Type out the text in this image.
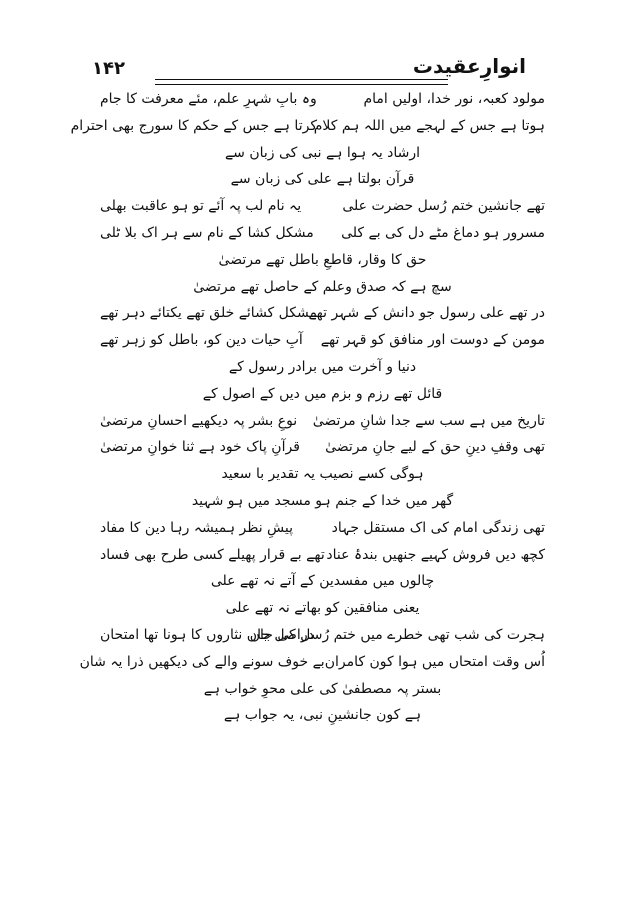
۱۴۲	انوارِعقیدت
مولود کعبہ، نور خدا، اولیں امام
وہ بابِ شہرِ علم، مئے معرفت کا جام
ہوتا ہے جس کے لہجے میں اللہ ہم کلام
کرتا ہے جس کے حکم کا سورج بھی احترام
ارشاد یہ ہوا ہے نبی کی زبان سے
قرآن بولتا ہے علی کی زبان سے
تھے جانشین ختم رُسل حضرت علی
یہ نام لب پہ آئے تو ہو عاقبت بھلی
مسرور ہو دماغ مٹے دل کی بے کلی
مشکل کشا کے نام سے ہر اک بلا ٹلی
حق کا وقار، قاطعِ باطل تھے مرتضیٰ
سچ ہے کہ صدق وعلم کے حاصل تھے مرتضیٰ
در تھے علی رسول جو دانش کے شہر تھے
مشکل کشائے خلق تھے یکتائے دہر تھے
مومن کے دوست اور منافق کو قہر تھے
آبِ حیات دین کو، باطل کو زہر تھے
دنیا و آخرت میں برادر رسول کے
قائل تھے رزم و بزم میں دیں کے اصول کے
تاریخ میں ہے سب سے جدا شانِ مرتضیٰ
نوعِ بشر پہ دیکھیے احسانِ مرتضیٰ
تھی وقفِ دینِ حق کے لیے جانِ مرتضیٰ
قرآنِ پاک خود ہے ثنا خوانِ مرتضیٰ
ہوگی کسے نصیب یہ تقدیر با سعید
گھر میں خدا کے جنم ہو مسجد میں ہو شہید
تھی زندگی امام کی اک مستقل جہاد
پیشِ نظر ہمیشہ رہا دین کا مفاد
کچھ دیں فروش کہیے جنھیں بندۂ عناد
تھے بے قرار پھیلے کسی طرح بھی فساد
چالوں میں مفسدین کے آتے نہ تھے علی
یعنی منافقین کو بھاتے نہ تھے علی
ہجرت کی شب تھی خطرے میں ختم رُسل کی جان
دراصل جاں نثاروں کا ہونا تھا امتحان
اُس وقت امتحاں میں ہوا کون کامران
بے خوف سونے والے کی دیکھیں ذرا یہ شان
بستر پہ مصطفیٰ کی علی محوِ خواب ہے
ہے کون جانشینِ نبی، یہ جواب ہے
